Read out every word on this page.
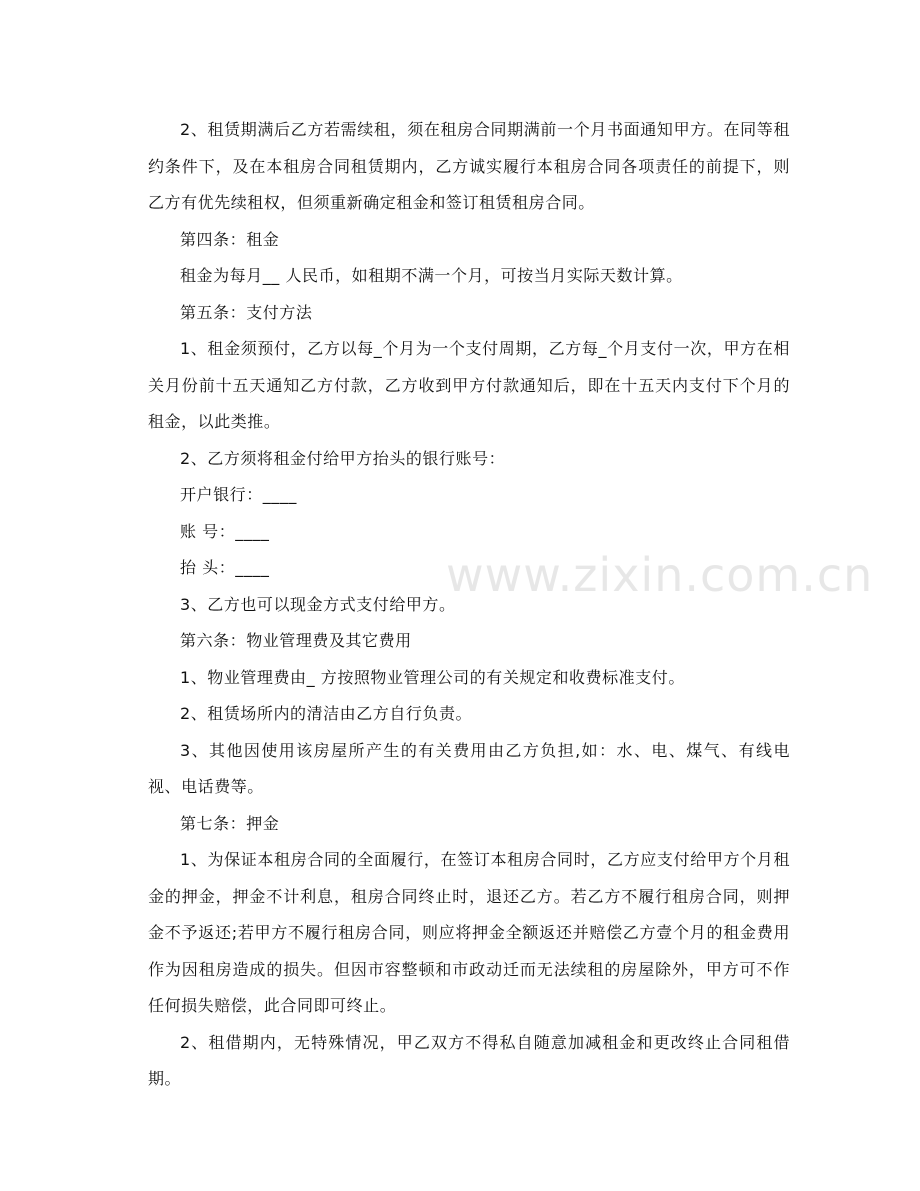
www.zixin.com.cn

2、租赁期满后乙方若需续租，须在租房合同期满前一个月书面通知甲方。在同等租约条件下，及在本租房合同租赁期内，乙方诚实履行本租房合同各项责任的前提下，则乙方有优先续租权，但须重新确定租金和签订租赁租房合同。

第四条：租金

租金为每月__ 人民币，如租期不满一个月，可按当月实际天数计算。

第五条：支付方法

1、租金须预付，乙方以每_个月为一个支付周期，乙方每_个月支付一次，甲方在相关月份前十五天通知乙方付款，乙方收到甲方付款通知后，即在十五天内支付下个月的租金，以此类推。

2、乙方须将租金付给甲方抬头的银行账号：

开户银行：____

账 号：____

抬 头：____

3、乙方也可以现金方式支付给甲方。

第六条：物业管理费及其它费用

1、物业管理费由_ 方按照物业管理公司的有关规定和收费标准支付。

2、租赁场所内的清洁由乙方自行负责。

3、其他因使用该房屋所产生的有关费用由乙方负担,如：水、电、煤气、有线电视、电话费等。

第七条：押金

1、为保证本租房合同的全面履行，在签订本租房合同时，乙方应支付给甲方个月租金的押金，押金不计利息，租房合同终止时，退还乙方。若乙方不履行租房合同，则押金不予返还;若甲方不履行租房合同，则应将押金全额返还并赔偿乙方壹个月的租金费用作为因租房造成的损失。但因市容整顿和市政动迁而无法续租的房屋除外，甲方可不作任何损失赔偿，此合同即可终止。

2、租借期内，无特殊情况，甲乙双方不得私自随意加减租金和更改终止合同租借期。
